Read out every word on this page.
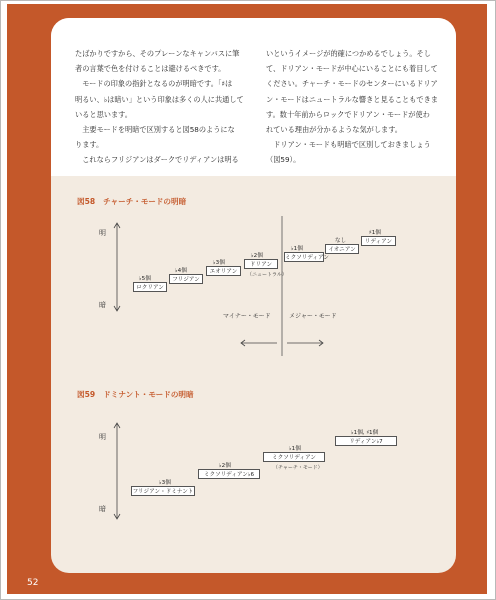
たばかりですから、そのプレーンなキャンバスに筆

者の言葉で色を付けることは避けるべきです。

　モードの印象の指針となるのが明暗です。「♯は

明るい、♭は暗い」という印象は多くの人に共通して

いると思います。

　主要モードを明暗で区別すると図58のようにな

ります。

　これならフリジアンはダークでリディアンは明る

いというイメージが的確につかめるでしょう。そし

て、ドリアン・モードが中心にいることにも着目して

ください。チャーチ・モードのセンターにいるドリア

ン・モードはニュートラルな響きと見ることもできま

す。数十年前からロックでドリアン・モードが使わ

れている理由が分かるような気がします。

　ドリアン・モードも明暗で区別しておきましょう

（図59）。

図58 チャーチ・モードの明暗
明
暗
♭5個
ロクリアン
♭4個
フリジアン
♭3個
エオリアン
♭2個
ドリアン
（ニュートラル）
♭1個
ミクソリディアン
なし
イオニアン
♯1個
リディアン
マイナー・モード	メジャー・モード
図59 ドミナント・モードの明暗
明
暗
♭3個
フリジアン・ドミナント
♭2個
ミクソリディアン♭6
♭1個
ミクソリディアン
（チャーチ・モード）
♭1個, ♯1個
リディアン♭7
52
